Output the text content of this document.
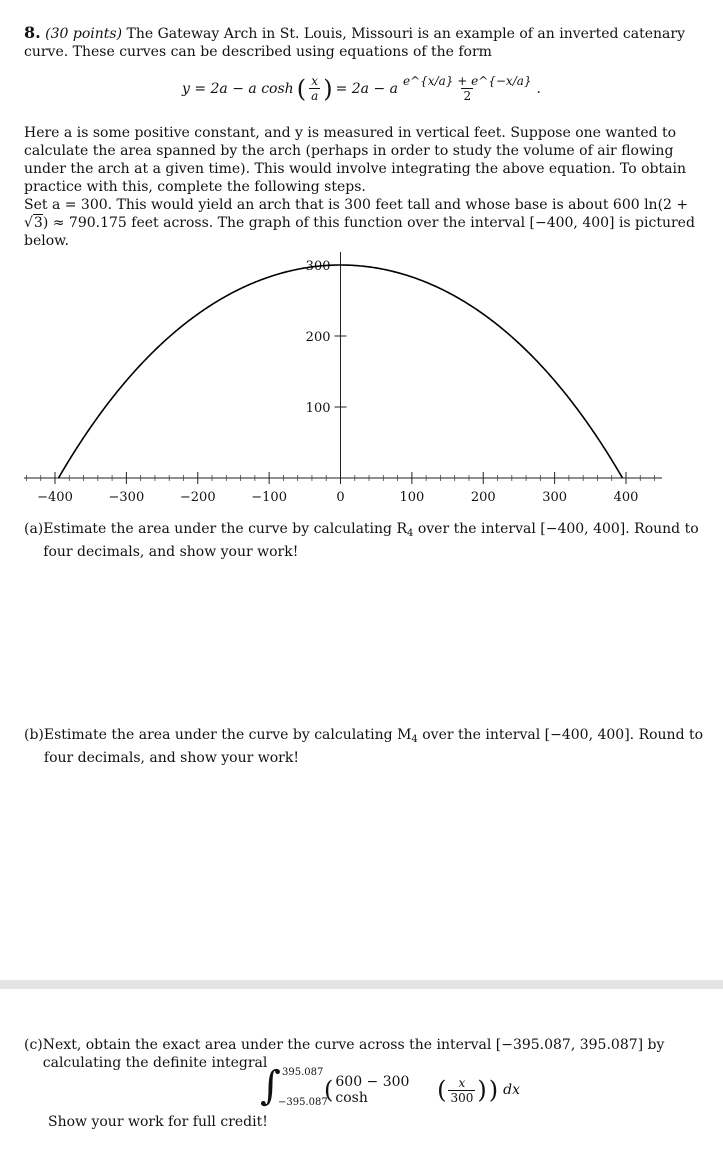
8. (30 points) The Gateway Arch in St. Louis, Missouri is an example of an inverted catenary curve. These curves can be described using equations of the form

y = 2a − a cosh ( $\frac{x}{a}$ ) = 2a − a $\frac{e\^{}\{x/a\} + e\^{}\{-x/a\}}{2}$ .

Here a is some positive constant, and y is measured in vertical feet. Suppose one wanted to calculate the area spanned by the arch (perhaps in order to study the volume of air flowing under the arch at a given time). This would involve integrating the above equation. To obtain practice with this, complete the following steps.

Set a = 300. This would yield an arch that is 300 feet tall and whose base is about 600 ln(2 + √3) ≈ 790.175 feet across. The graph of this function over the interval [−400, 400] is pictured below.

−400	−300	−200	−100	0	100	200	300	400
100
200
300
(a) Estimate the area under the curve by calculating $R_4$ over the interval [−400, 400]. Round to four decimals, and show your work!
(b) Estimate the area under the curve by calculating $M_4$ over the interval [−400, 400]. Round to four decimals, and show your work!
(c) Next, obtain the exact area under the curve across the interval [−395.087, 395.087] by calculating the definite integral
∫ 395.087
−395.087
( 600 − 300 cosh	( $\frac{x}{300}$ ) ) dx
Show your work for full credit!
